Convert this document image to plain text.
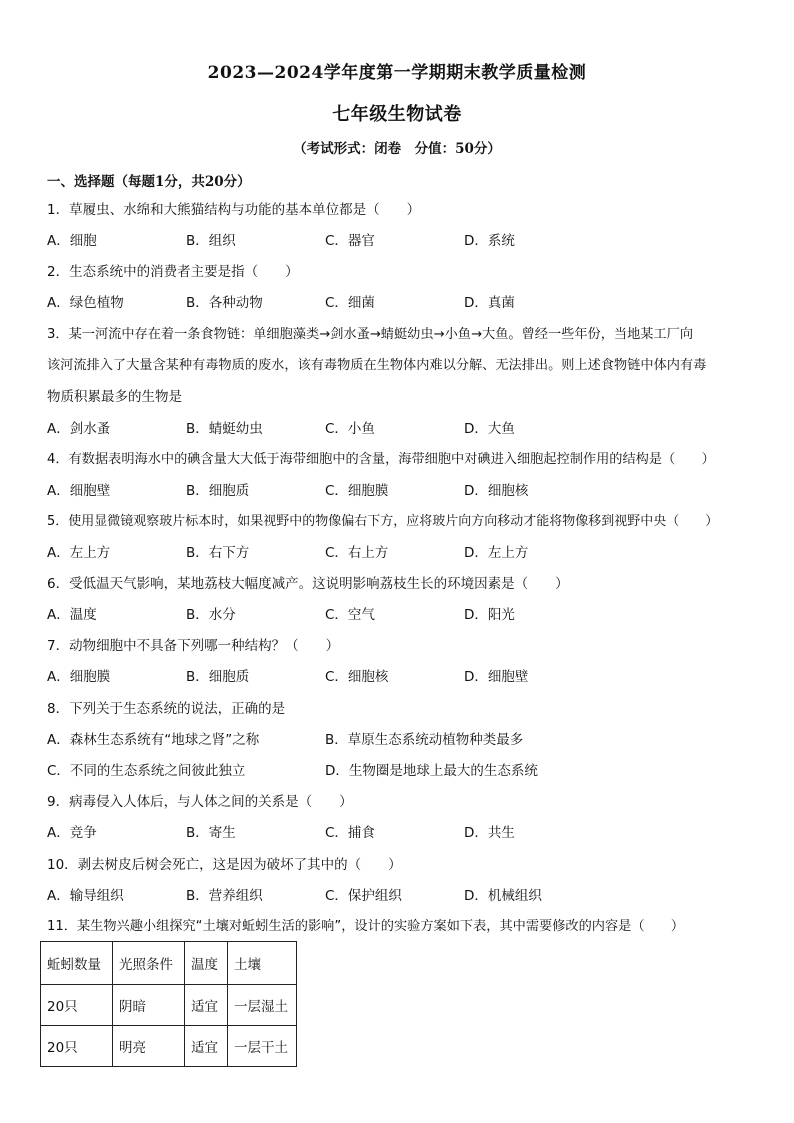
2023—2024学年度第一学期期末教学质量检测
七年级生物试卷
（考试形式：闭卷　分值：50分）
一、选择题（每题1分，共20分）
1．草履虫、水绵和大熊猫结构与功能的基本单位都是（　　）
A．细胞	B．组织	C．器官	D．系统
2．生态系统中的消费者主要是指（　　）
A．绿色植物	B．各种动物	C．细菌	D．真菌
3．某一河流中存在着一条食物链：单细胞藻类→剑水蚤→蜻蜓幼虫→小鱼→大鱼。曾经一些年份，当地某工厂向
该河流排入了大量含某种有毒物质的废水，该有毒物质在生物体内难以分解、无法排出。则上述食物链中体内有毒
物质积累最多的生物是
A．剑水蚤	B．蜻蜓幼虫	C．小鱼	D．大鱼
4．有数据表明海水中的碘含量大大低于海带细胞中的含量，海带细胞中对碘进入细胞起控制作用的结构是（　　）
A．细胞壁	B．细胞质	C．细胞膜	D．细胞核
5．使用显微镜观察玻片标本时，如果视野中的物像偏右下方，应将玻片向方向移动才能将物像移到视野中央（　　）
A．左上方	B．右下方	C．右上方	D．左上方
6．受低温天气影响，某地荔枝大幅度减产。这说明影响荔枝生长的环境因素是（　　）
A．温度	B．水分	C．空气	D．阳光
7．动物细胞中不具备下列哪一种结构？（　　）
A．细胞膜	B．细胞质	C．细胞核	D．细胞壁
8．下列关于生态系统的说法，正确的是
A．森林生态系统有“地球之肾”之称	B．草原生态系统动植物种类最多
C．不同的生态系统之间彼此独立	D．生物圈是地球上最大的生态系统
9．病毒侵入人体后，与人体之间的关系是（　　）
A．竞争	B．寄生	C．捕食	D．共生
10．剥去树皮后树会死亡，这是因为破坏了其中的（　　）
A．输导组织	B．营养组织	C．保护组织	D．机械组织
11．某生物兴趣小组探究“土壤对蚯蚓生活的影响”，设计的实验方案如下表，其中需要修改的内容是（　　）
蚯蚓数量	光照条件	温度	土壤
20只	阴暗	适宜	一层湿土
20只	明亮	适宜	一层干土
